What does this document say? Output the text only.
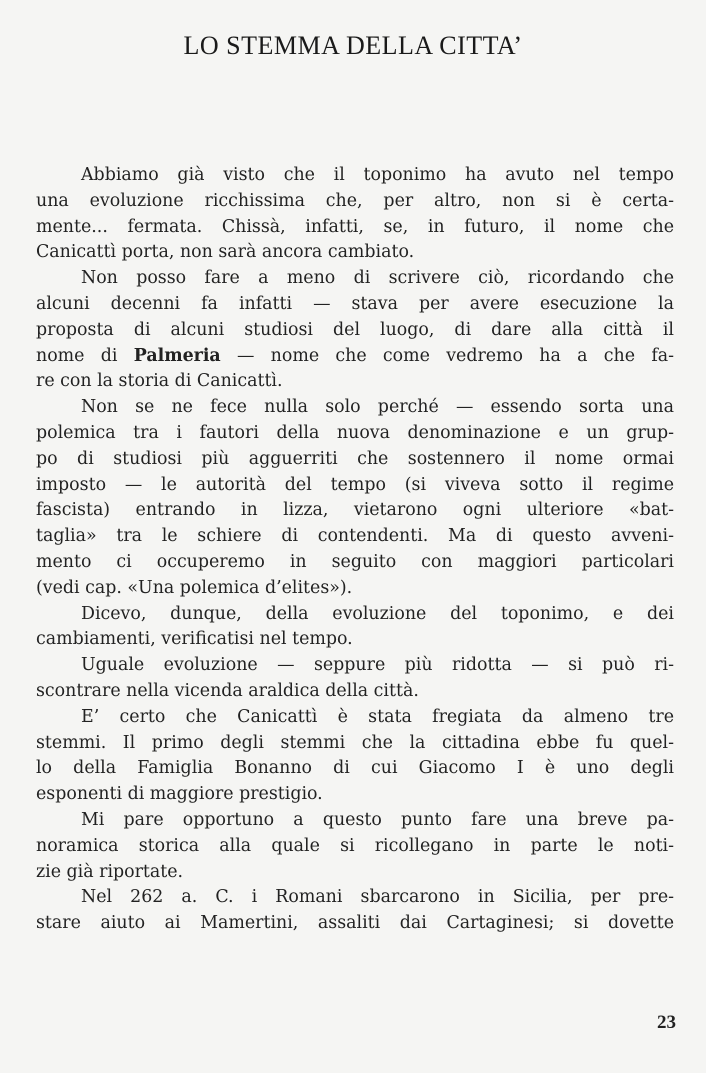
LO STEMMA DELLA CITTA’
Abbiamo già visto che il toponimo ha avuto nel tempo
una evoluzione ricchissima che, per altro, non si è certa-
mente... fermata. Chissà, infatti, se, in futuro, il nome che
Canicattì porta, non sarà ancora cambiato.
Non posso fare a meno di scrivere ciò, ricordando che
alcuni decenni fa infatti — stava per avere esecuzione la
proposta di alcuni studiosi del luogo, di dare alla città il
nome di Palmeria — nome che come vedremo ha a che fa-
re con la storia di Canicattì.
Non se ne fece nulla solo perché — essendo sorta una
polemica tra i fautori della nuova denominazione e un grup-
po di studiosi più agguerriti che sostennero il nome ormai
imposto — le autorità del tempo (si viveva sotto il regime
fascista) entrando in lizza, vietarono ogni ulteriore «bat-
taglia» tra le schiere di contendenti. Ma di questo avveni-
mento ci occuperemo in seguito con maggiori particolari
(vedi cap. «Una polemica d’elites»).
Dicevo, dunque, della evoluzione del toponimo, e dei
cambiamenti, verificatisi nel tempo.
Uguale evoluzione — seppure più ridotta — si può ri-
scontrare nella vicenda araldica della città.
E’ certo che Canicattì è stata fregiata da almeno tre
stemmi. Il primo degli stemmi che la cittadina ebbe fu quel-
lo della Famiglia Bonanno di cui Giacomo I è uno degli
esponenti di maggiore prestigio.
Mi pare opportuno a questo punto fare una breve pa-
noramica storica alla quale si ricollegano in parte le noti-
zie già riportate.
Nel 262 a. C. i Romani sbarcarono in Sicilia, per pre-
stare aiuto ai Mamertini, assaliti dai Cartaginesi; si dovette
23
